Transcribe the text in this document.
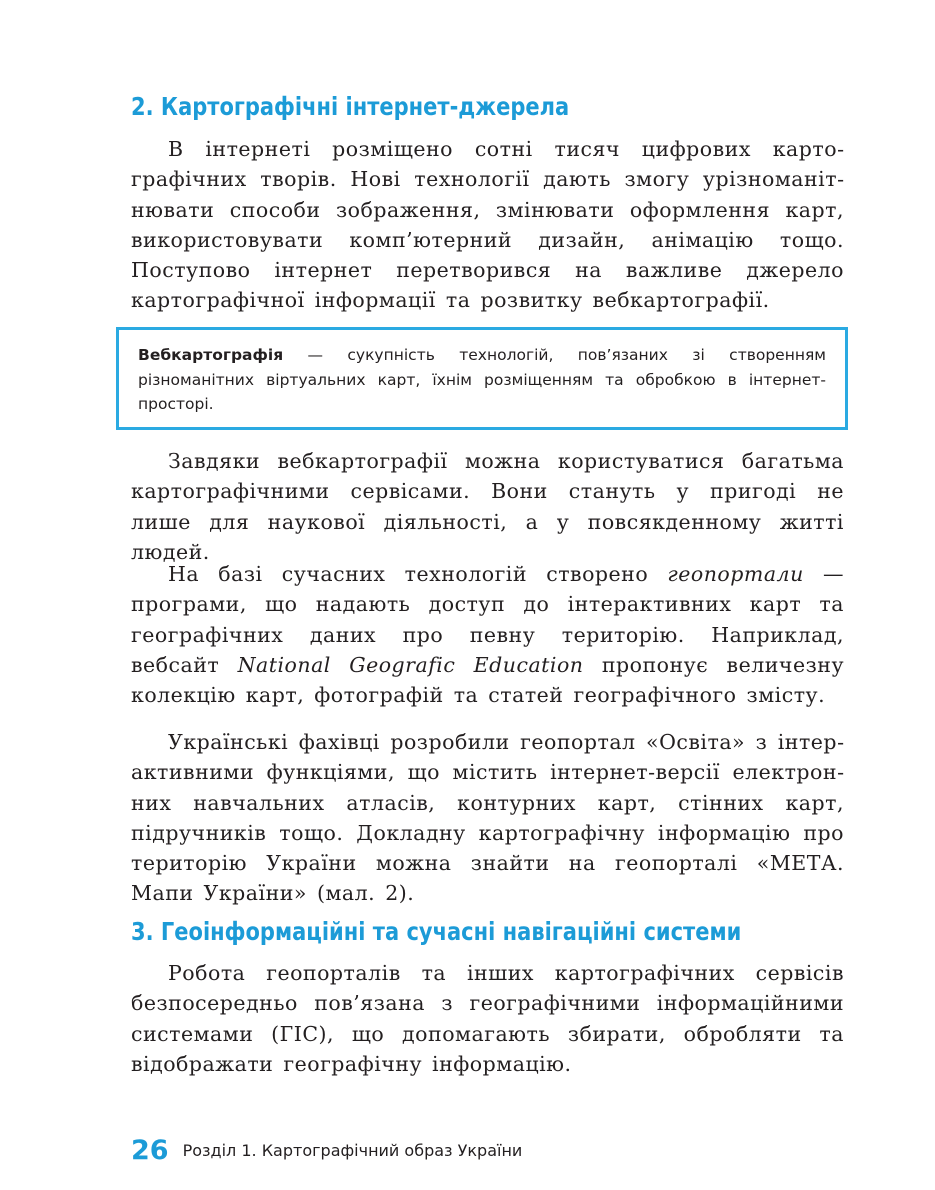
2. Картографічні інтернет-джерела

В інтернеті розміщено сотні тисяч цифрових картографічних творів. Нові технології дають змогу урізноманітнювати способи зображення, змінювати оформлення карт, використовувати комп’ютерний дизайн, анімацію тощо. Поступово інтернет перетворився на важливе джерело картографічної інформації та розвитку вебкартографії.

Вебкартографія — сукупність технологій, пов’язаних зі створенням різноманітних віртуальних карт, їхнім розміщенням та обробкою в інтернет-просторі.

Завдяки вебкартографії можна користуватися багатьма картографічними сервісами. Вони стануть у пригоді не лише для наукової діяльності, а у повсякденному житті людей.

На базі сучасних технологій створено геопортали — програми, що надають доступ до інтерактивних карт та географічних даних про певну територію. Наприклад, вебсайт National Geografic Education пропонує величезну колекцію карт, фотографій та статей географічного змісту.

Українські фахівці розробили геопортал «Освіта» з інтерактивними функціями, що містить інтернет-версії електронних навчальних атласів, контурних карт, стінних карт, підручників тощо. Докладну картографічну інформацію про територію України можна знайти на геопорталі «МЕТА. Мапи України» (мал. 2).

3. Геоінформаційні та сучасні навігаційні системи

Робота геопорталів та інших картографічних сервісів безпосередньо пов’язана з географічними інформаційними системами (ГІС), що допомагають збирати, обробляти та відображати географічну інформацію.

26 Розділ 1. Картографічний образ України
